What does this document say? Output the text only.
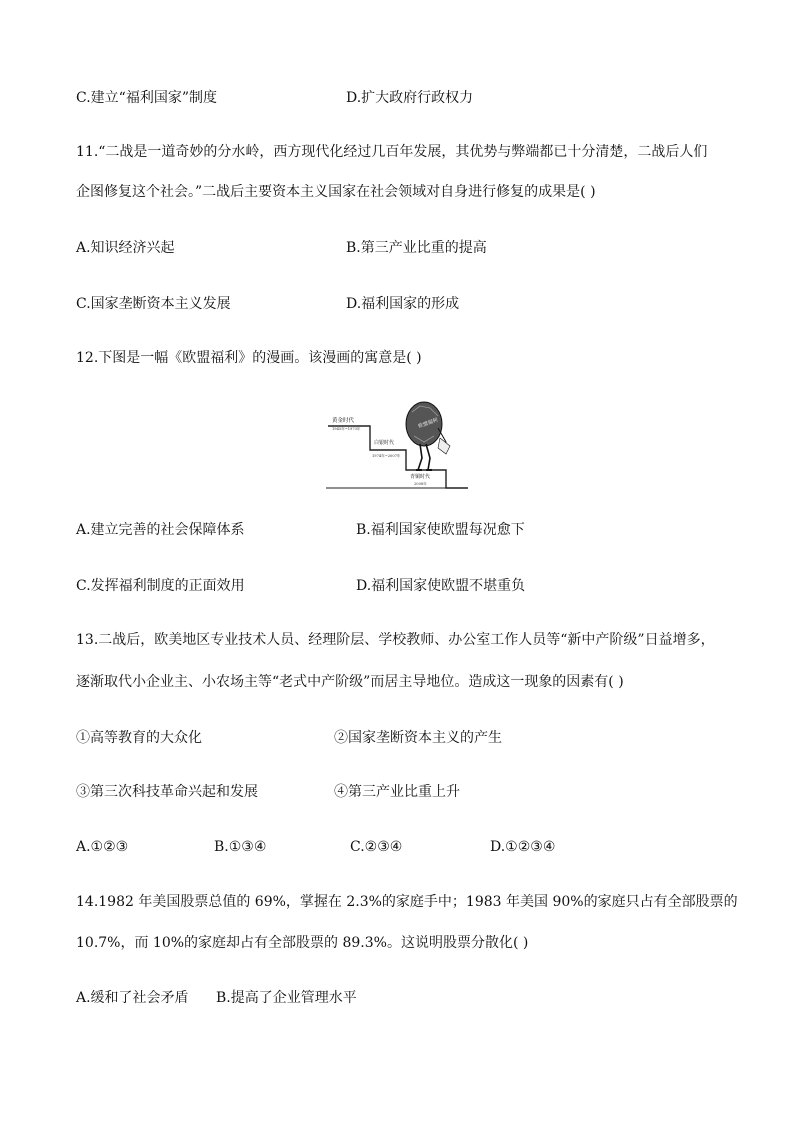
C.建立“福利国家”制度	D.扩大政府行政权力
11.“二战是一道奇妙的分水岭，西方现代化经过几百年发展，其优势与弊端都已十分清楚，二战后人们
企图修复这个社会。”二战后主要资本主义国家在社会领域对自身进行修复的成果是( )
A.知识经济兴起	B.第三产业比重的提高
C.国家垄断资本主义发展	D.福利国家的形成
12.下图是一幅《欧盟福利》的漫画。该漫画的寓意是( )
黄金时代
1945年~1973年
白银时代
1974年~2007年
青铜时代
2008年
欧盟福利
A.建立完善的社会保障体系	B.福利国家使欧盟每况愈下
C.发挥福利制度的正面效用	D.福利国家使欧盟不堪重负
13.二战后，欧美地区专业技术人员、经理阶层、学校教师、办公室工作人员等“新中产阶级”日益增多，
逐渐取代小企业主、小农场主等“老式中产阶级”而居主导地位。造成这一现象的因素有( )
①高等教育的大众化	②国家垄断资本主义的产生
③第三次科技革命兴起和发展	④第三产业比重上升
A.①②③	B.①③④	C.②③④	D.①②③④
14.1982 年美国股票总值的 69%，掌握在 2.3%的家庭手中；1983 年美国 90%的家庭只占有全部股票的
10.7%，而 10%的家庭却占有全部股票的 89.3%。这说明股票分散化( )
A.缓和了社会矛盾 B.提高了企业管理水平
